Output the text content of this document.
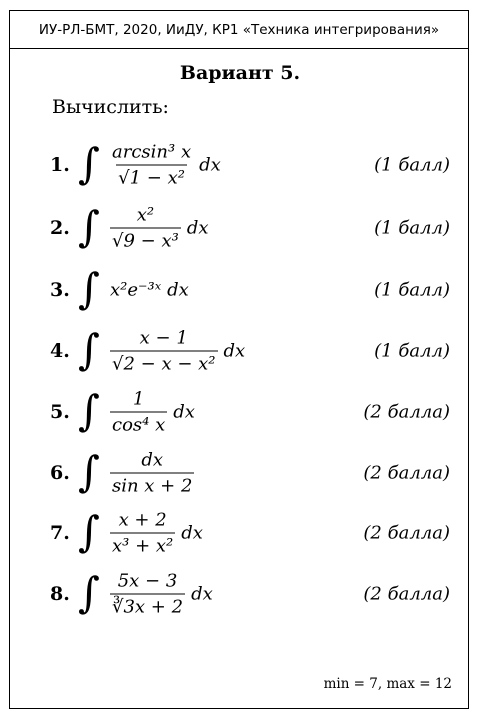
ИУ-РЛ-БМТ, 2020, ИиДУ, КР1 «Техника интегрирования»
Вариант 5.
Вычислить:
1. ∫ $\frac{\text{arcsin³ x}}{\text{√1 − x²}}$ dx	(1 балл)
2. ∫ $\frac{\text{x²}}{\text{√9 − x³}}$ dx	(1 балл)
3. ∫ x²e⁻³ˣ dx	(1 балл)
4. ∫ $\frac{x - 1}{\text{√2 − x − x²}}$ dx	(1 балл)
5. ∫ $\frac{1}{\text{cos⁴ x}}$ dx	(2 балла)
6. ∫ $\frac{dx}{\text{sin x + 2}}$	(2 балла)
7. ∫ $\frac{x + 2}{\text{x³ + x²}}$ dx	(2 балла)
8. ∫ $\frac{5x - 3}{∛3x + 2}$ dx	(2 балла)
min = 7, max = 12
